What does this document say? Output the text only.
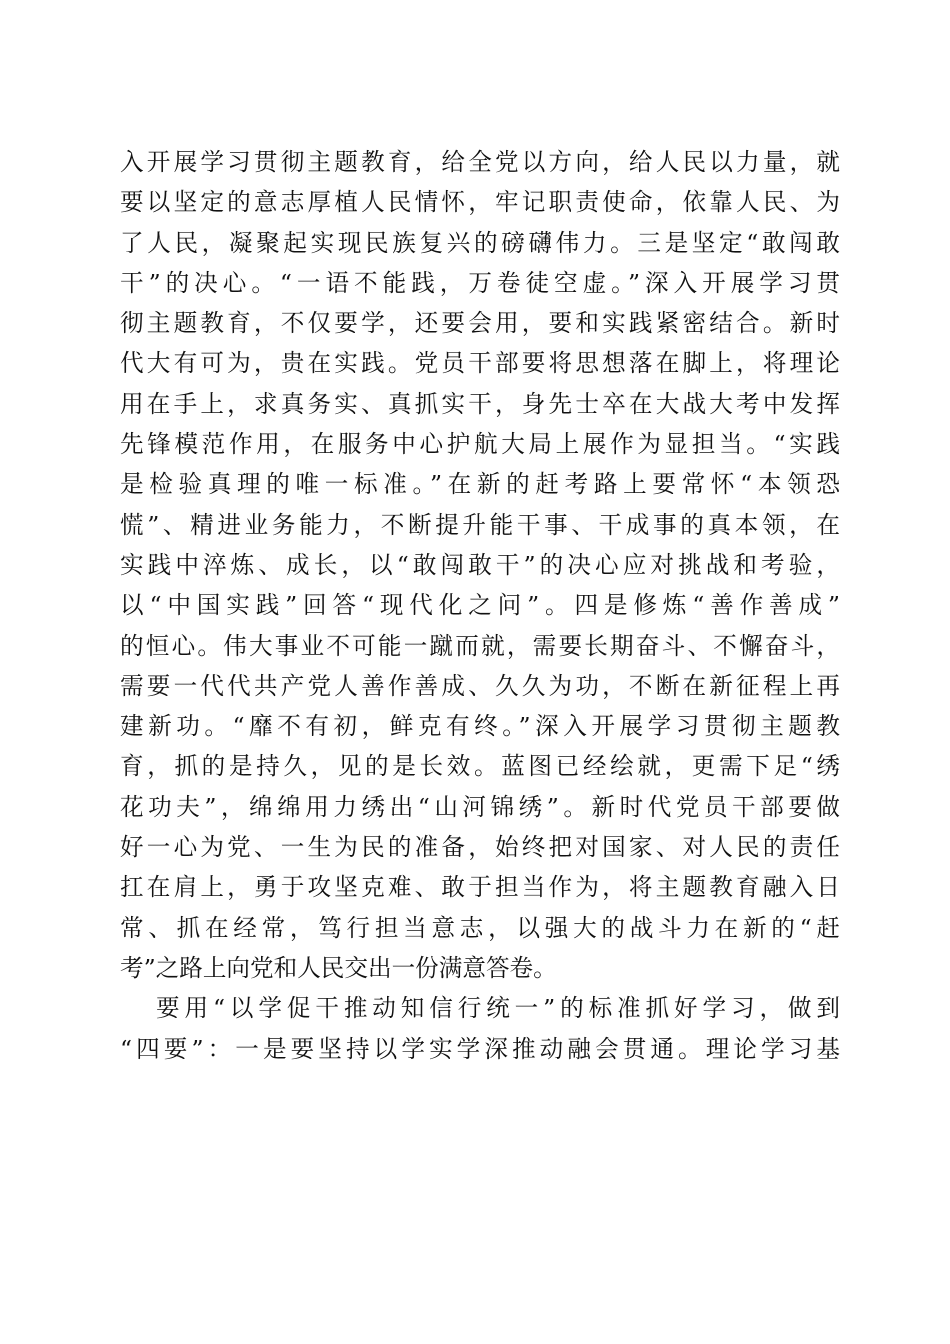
入开展学习贯彻主题教育，给全党以方向，给人民以力量，就
要以坚定的意志厚植人民情怀，牢记职责使命，依靠人民、为
了人民，凝聚起实现民族复兴的磅礴伟力。三是坚定“敢闯敢
干”的决心。“一语不能践，万卷徒空虚。”深入开展学习贯
彻主题教育，不仅要学，还要会用，要和实践紧密结合。新时
代大有可为，贵在实践。党员干部要将思想落在脚上，将理论
用在手上，求真务实、真抓实干，身先士卒在大战大考中发挥
先锋模范作用，在服务中心护航大局上展作为显担当。“实践
是检验真理的唯一标准。”在新的赶考路上要常怀“本领恐
慌”、精进业务能力，不断提升能干事、干成事的真本领，在
实践中淬炼、成长，以“敢闯敢干”的决心应对挑战和考验，
以“中国实践”回答“现代化之问”。四是修炼“善作善成”
的恒心。伟大事业不可能一蹴而就，需要长期奋斗、不懈奋斗，
需要一代代共产党人善作善成、久久为功，不断在新征程上再
建新功。“靡不有初，鲜克有终。”深入开展学习贯彻主题教
育，抓的是持久，见的是长效。蓝图已经绘就，更需下足“绣
花功夫”，绵绵用力绣出“山河锦绣”。新时代党员干部要做
好一心为党、一生为民的准备，始终把对国家、对人民的责任
扛在肩上，勇于攻坚克难、敢于担当作为，将主题教育融入日
常、抓在经常，笃行担当意志，以强大的战斗力在新的“赶
考”之路上向党和人民交出一份满意答卷。
要用“以学促干推动知信行统一”的标准抓好学习，做到
“四要”：一是要坚持以学实学深推动融会贯通。理论学习基
